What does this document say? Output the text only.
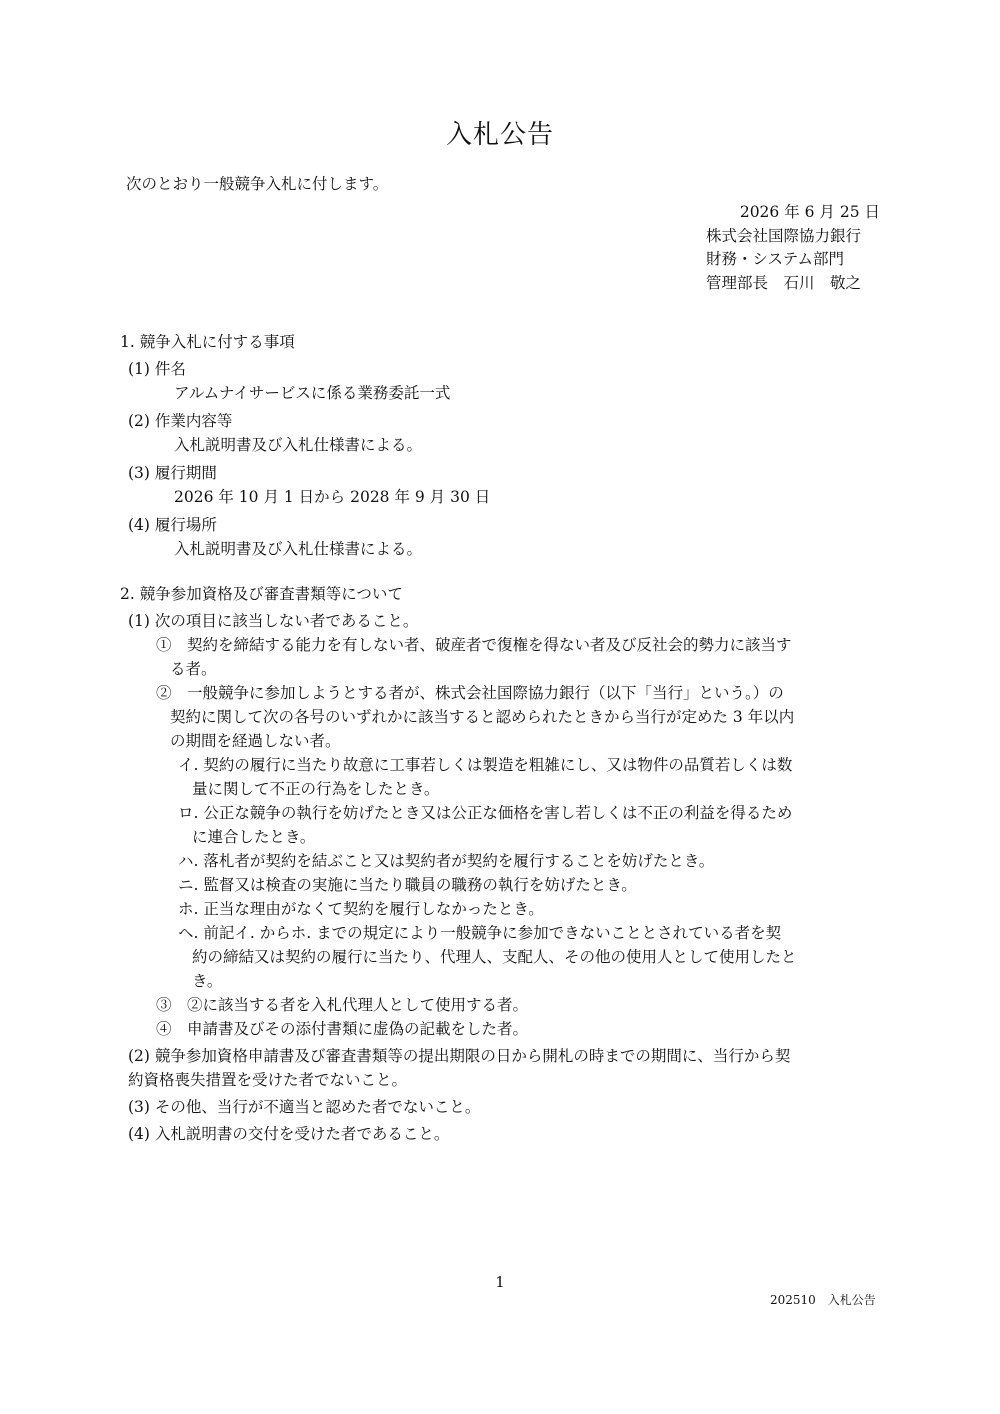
入札公告
次のとおり一般競争入札に付します。
2026 年 6 月 25 日
株式会社国際協力銀行
財務・システム部門
管理部長　石川　敬之
1. 競争入札に付する事項
(1) 件名
アルムナイサービスに係る業務委託一式
(2) 作業内容等
入札説明書及び入札仕様書による。
(3) 履行期間
2026 年 10 月 1 日から 2028 年 9 月 30 日
(4) 履行場所
入札説明書及び入札仕様書による。
2. 競争参加資格及び審査書類等について
(1) 次の項目に該当しない者であること。
①　契約を締結する能力を有しない者、破産者で復権を得ない者及び反社会的勢力に該当す
る者。
②　一般競争に参加しようとする者が、株式会社国際協力銀行（以下「当行」という。）の
契約に関して次の各号のいずれかに該当すると認められたときから当行が定めた 3 年以内
の期間を経過しない者。
イ. 契約の履行に当たり故意に工事若しくは製造を粗雑にし、又は物件の品質若しくは数
量に関して不正の行為をしたとき。
ロ. 公正な競争の執行を妨げたとき又は公正な価格を害し若しくは不正の利益を得るため
に連合したとき。
ハ. 落札者が契約を結ぶこと又は契約者が契約を履行することを妨げたとき。
ニ. 監督又は検査の実施に当たり職員の職務の執行を妨げたとき。
ホ. 正当な理由がなくて契約を履行しなかったとき。
ヘ. 前記イ. からホ. までの規定により一般競争に参加できないこととされている者を契
約の締結又は契約の履行に当たり、代理人、支配人、その他の使用人として使用したと
き。
③　②に該当する者を入札代理人として使用する者。
④　申請書及びその添付書類に虚偽の記載をした者。
(2) 競争参加資格申請書及び審査書類等の提出期限の日から開札の時までの期間に、当行から契
約資格喪失措置を受けた者でないこと。
(3) その他、当行が不適当と認めた者でないこと。
(4) 入札説明書の交付を受けた者であること。
1
202510　入札公告
